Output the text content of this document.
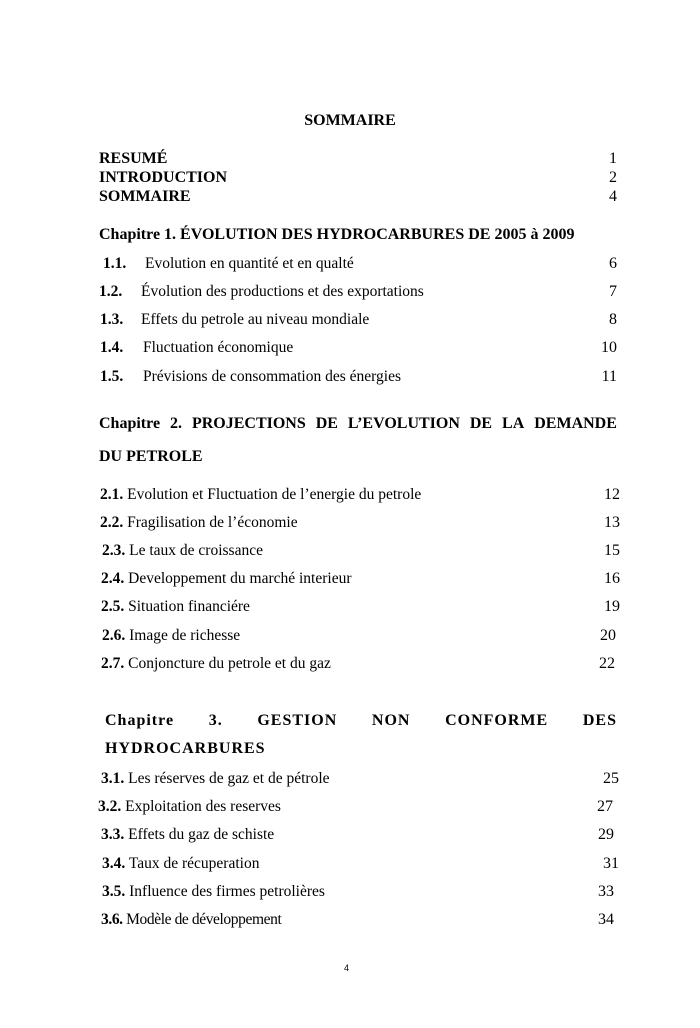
SOMMAIRE
RESUMÉ	1
INTRODUCTION	2
SOMMAIRE	4
Chapitre 1. ÉVOLUTION DES HYDROCARBURES DE 2005 à 2009
1.1. Evolution en quantité et en qualté	6
1.2. Évolution des productions et des exportations	7
1.3. Effets du petrole au niveau mondiale	8
1.4. Fluctuation économique	10
1.5. Prévisions de consommation des énergies	11
Chapitre 2. PROJECTIONS DE L’EVOLUTION DE LA DEMANDE
DU PETROLE
2.1. Evolution et Fluctuation de l’energie du petrole	12
2.2. Fragilisation de l’économie	13
2.3. Le taux de croissance	15
2.4. Developpement du marché interieur	16
2.5. Situation financiére	19
2.6. Image de richesse	20
2.7. Conjoncture du petrole et du gaz	22
Chapitre 3. GESTION NON CONFORME DES
HYDROCARBURES
3.1. Les réserves de gaz et de pétrole	25
3.2. Exploitation des reserves	27
3.3. Effets du gaz de schiste	29
3.4. Taux de récuperation	31
3.5. Influence des firmes petrolières	33
3.6. Modèle de développement	34
4
